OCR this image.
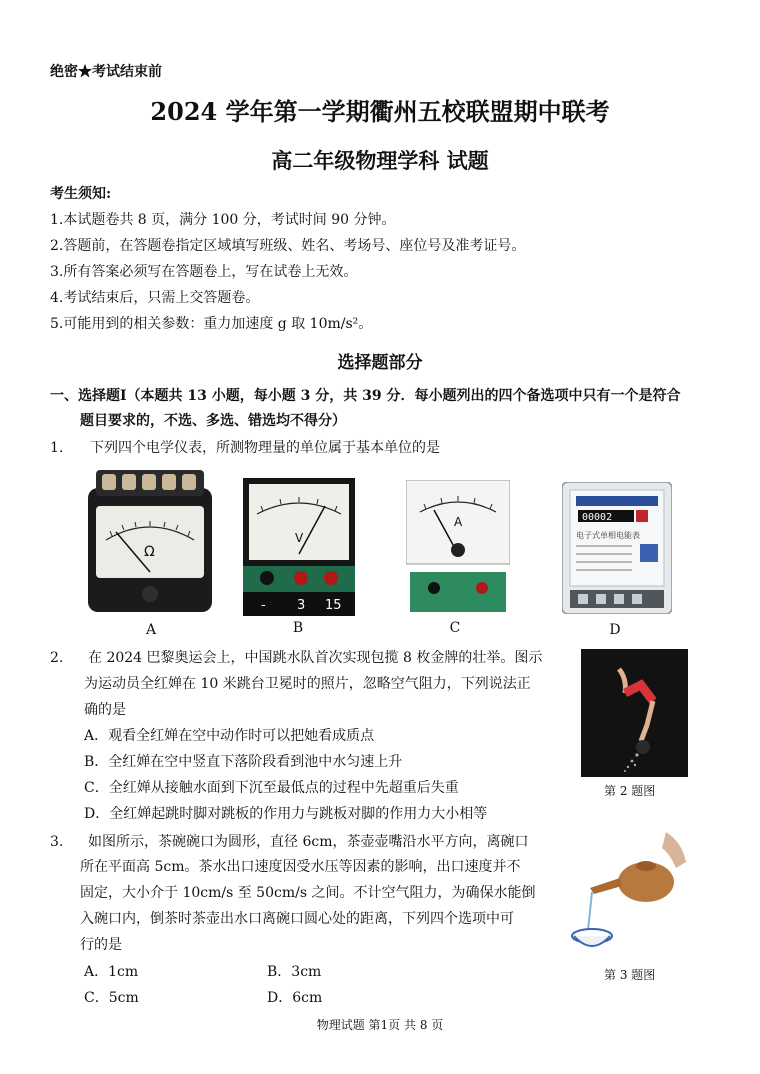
绝密★考试结束前
2024 学年第一学期衢州五校联盟期中联考
高二年级物理学科 试题
考生须知:
1.本试题卷共 8 页，满分 100 分，考试时间 90 分钟。
2.答题前，在答题卷指定区域填写班级、姓名、考场号、座位号及准考证号。
3.所有答案必须写在答题卷上，写在试卷上无效。
4.考试结束后，只需上交答题卷。
5.可能用到的相关参数：重力加速度 g 取 10m/s²。
选择题部分
一、选择题Ⅰ（本题共 13 小题，每小题 3 分，共 39 分．每小题列出的四个备选项中只有一个是符合
题目要求的，不选、多选、错选均不得分）
1. 下列四个电学仪表，所测物理量的单位属于基本单位的是
Ω
A
V
- 3 15
B
A
C
00002
电子式单相电能表
D
2. 在 2024 巴黎奥运会上，中国跳水队首次实现包揽 8 枚金牌的壮举。图示
为运动员全红婵在 10 米跳台卫冕时的照片，忽略空气阻力，下列说法正
确的是
A．观看全红婵在空中动作时可以把她看成质点
B．全红婵在空中竖直下落阶段看到池中水匀速上升
C．全红婵从接触水面到下沉至最低点的过程中先超重后失重
D．全红婵起跳时脚对跳板的作用力与跳板对脚的作用力大小相等
第 2 题图
3. 如图所示，茶碗碗口为圆形，直径 6cm，茶壶壶嘴沿水平方向，离碗口
所在平面高 5cm。茶水出口速度因受水压等因素的影响，出口速度并不
固定，大小介于 10cm/s 至 50cm/s 之间。不计空气阻力，为确保水能倒
入碗口内，倒茶时茶壶出水口离碗口圆心处的距离，下列四个选项中可
行的是
A．1cm	B．3cm
C．5cm	D．6cm
第 3 题图
物理试题 第1页 共 8 页
